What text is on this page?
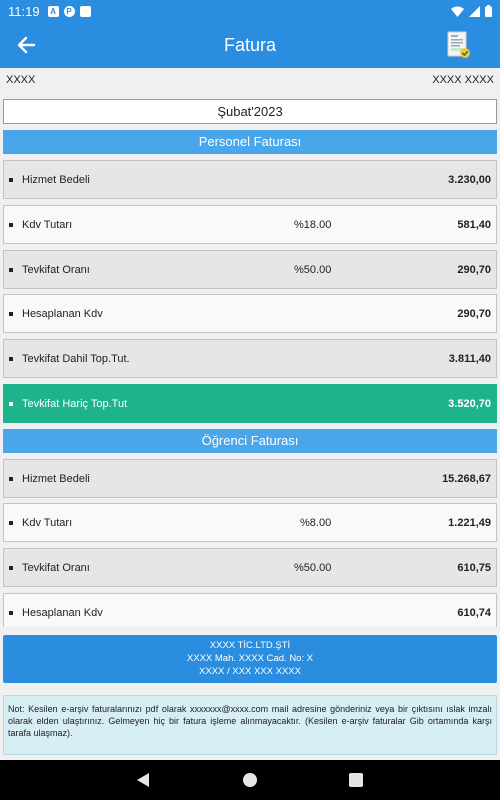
11:19	A	P
Fatura
XXXX	XXXX XXXX
Şubat'2023
Personel Faturası
Hizmet Bedeli	3.230,00
Kdv Tutarı	%18.00	581,40
Tevkifat Oranı	%50.00	290,70
Hesaplanan Kdv	290,70
Tevkifat Dahil Top.Tut.	3.811,40
Tevkifat Hariç Top.Tut	3.520,70
Öğrenci Faturası
Hizmet Bedeli	15.268,67
Kdv Tutarı	%8.00	1.221,49
Tevkifat Oranı	%50.00	610,75
Hesaplanan Kdv	610,74
XXXX TİC.LTD.ŞTİ
XXXX Mah. XXXX Cad. No: X
XXXX / XXX XXX XXXX
Not: Kesilen e-arşiv faturalarınızı pdf olarak xxxxxxx@xxxx.com mail adresine gönderiniz veya bir çıktısını ıslak imzalı olarak elden ulaştırınız. Gelmeyen hiç bir fatura işleme alınmayacaktır. (Kesilen e-arşiv faturalar Gib ortamında karşı tarafa ulaşmaz).
